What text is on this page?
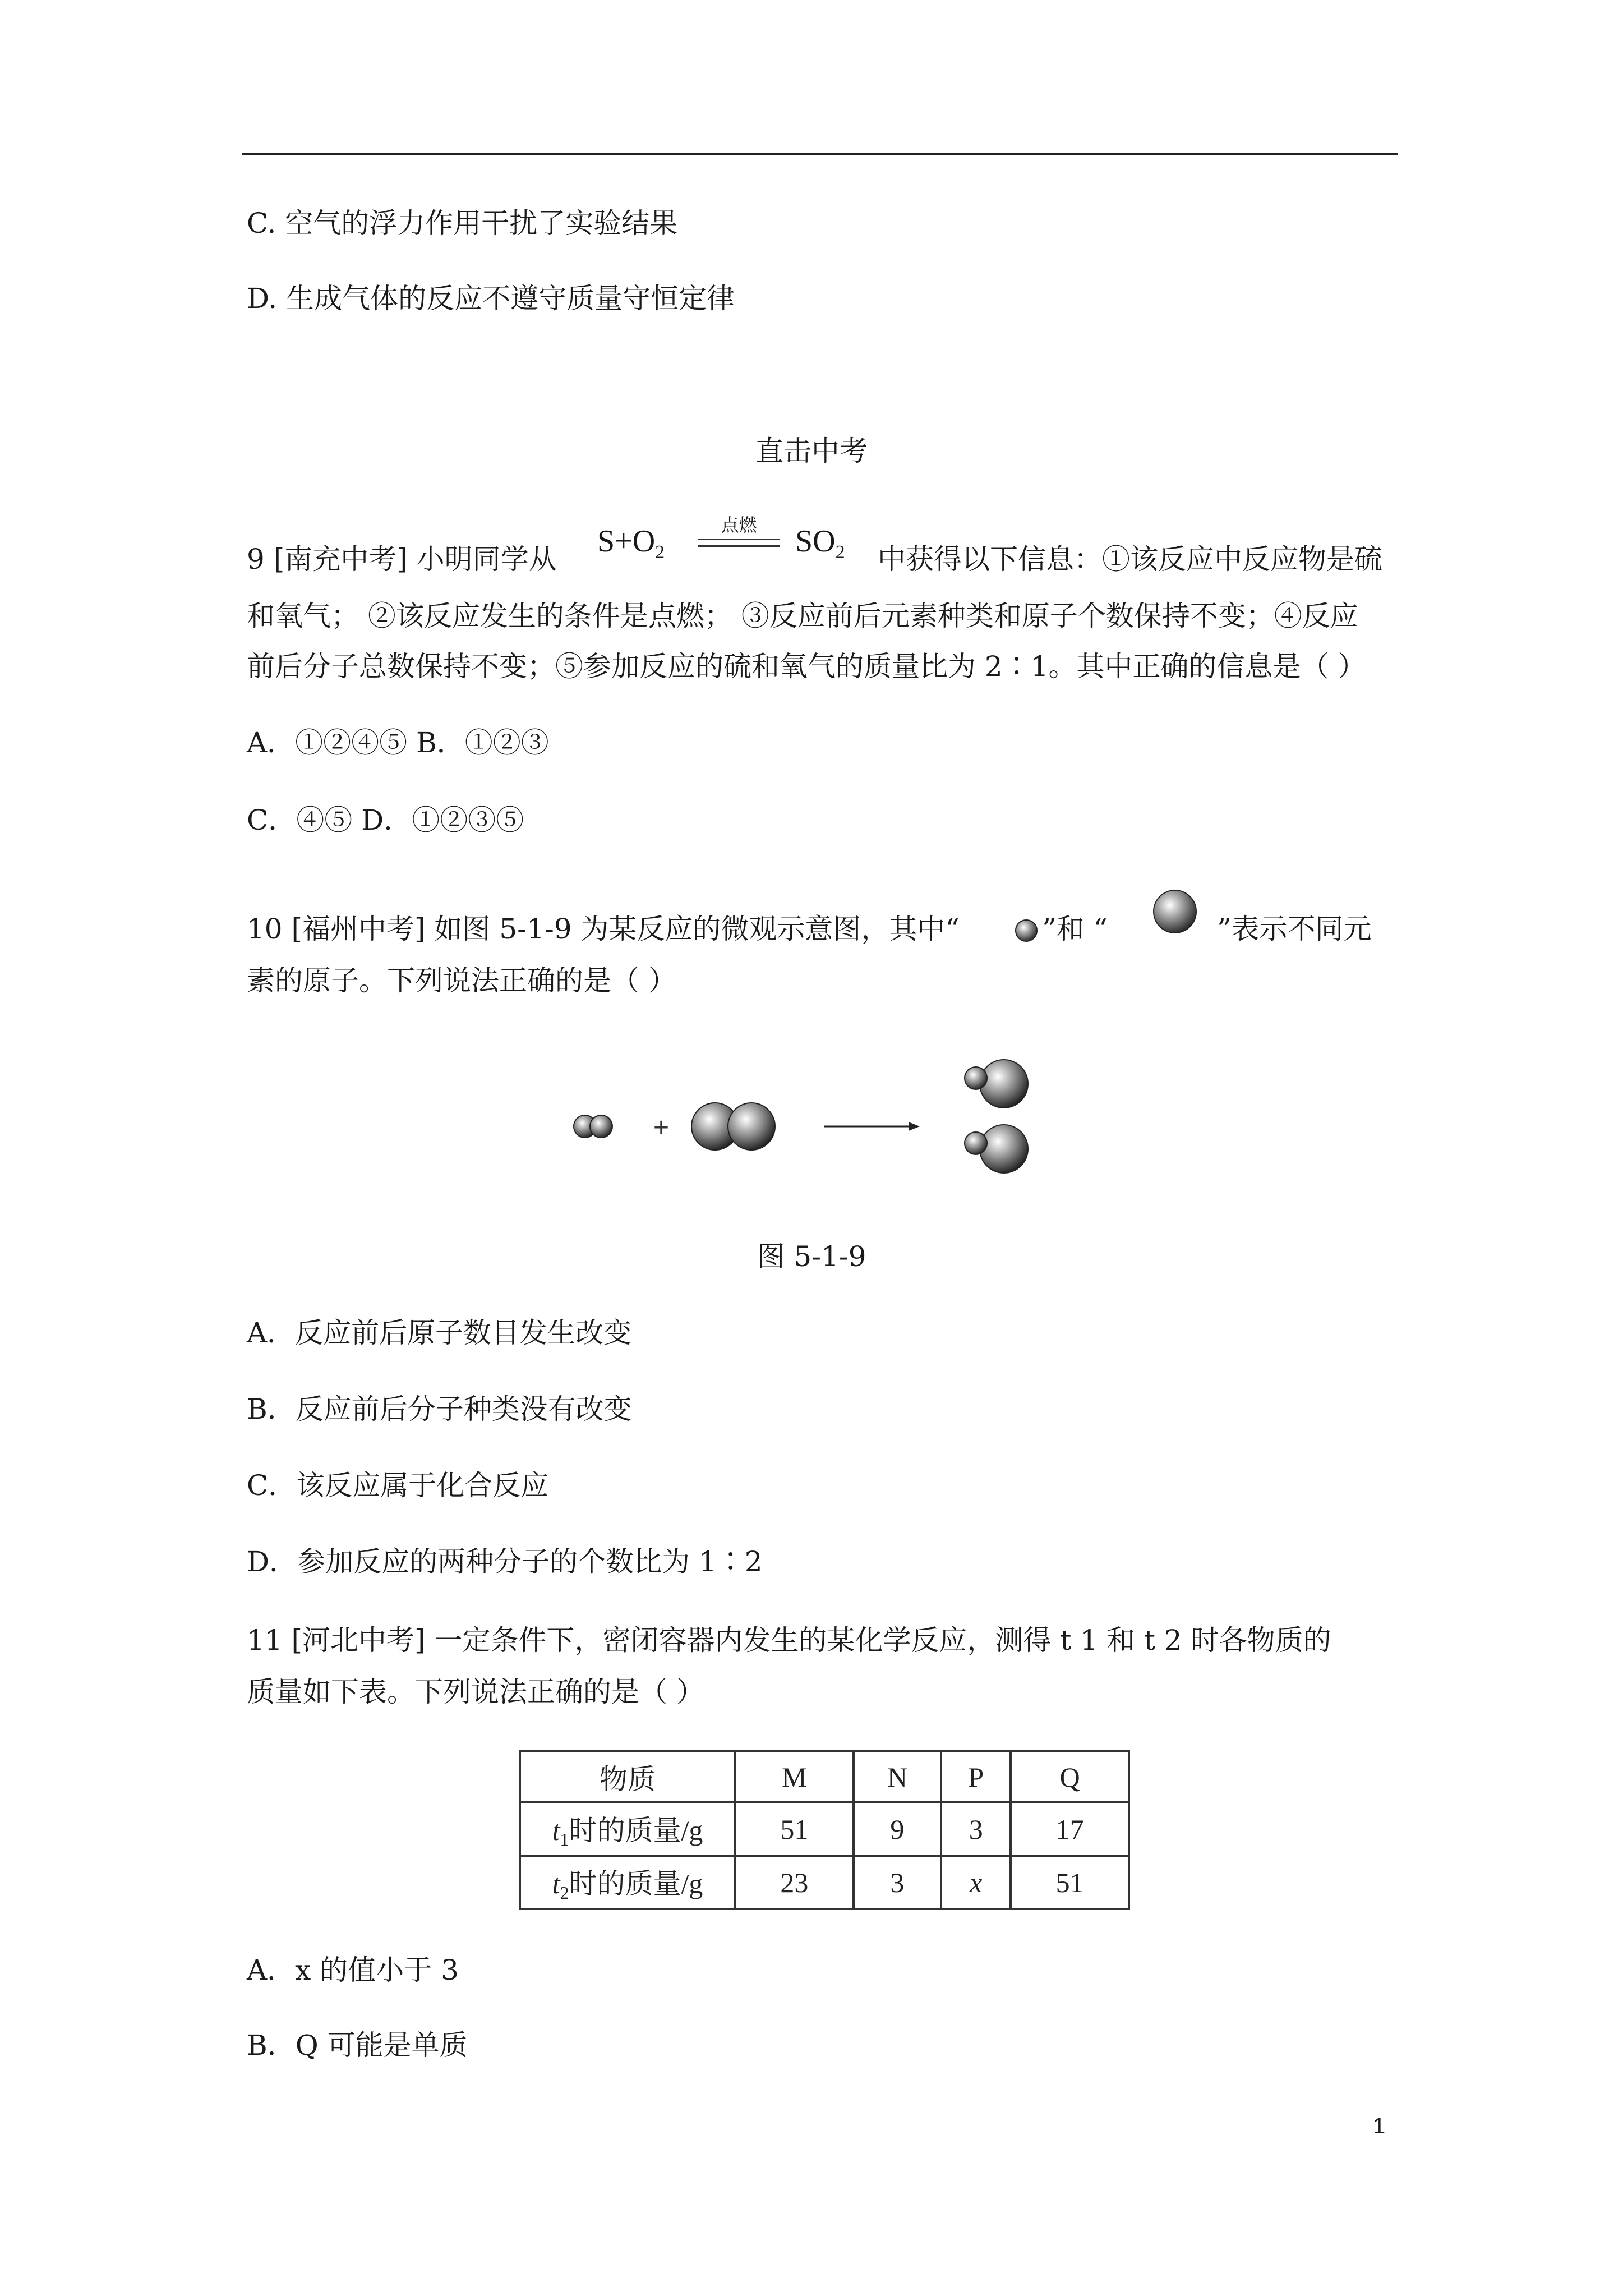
C. 空气的浮力作用干扰了实验结果
D. 生成气体的反应不遵守质量守恒定律
直击中考
9 [南充中考] 小明同学从
$S+O_2$
点燃	$SO_2$ 中获得以下信息：①该反应中反应物是硫
和氧气； ②该反应发生的条件是点燃； ③反应前后元素种类和原子个数保持不变；④反应
前后分子总数保持不变；⑤参加反应的硫和氧气的质量比为 2∶1。其中正确的信息是（ ）
A．①②④⑤ B．①②③
C．④⑤ D．①②③⑤
10 [福州中考] 如图 5-1-9 为某反应的微观示意图，其中“	”和 “	”表示不同元
素的原子。下列说法正确的是（ ）
+
图 5-1-9
A．反应前后原子数目发生改变
B．反应前后分子种类没有改变
C．该反应属于化合反应
D．参加反应的两种分子的个数比为 1∶2
11 [河北中考] 一定条件下，密闭容器内发生的某化学反应，测得 t 1 和 t 2 时各物质的
质量如下表。下列说法正确的是（ ）
物质	M	N	P	Q
$t_1$时的质量/g	51	9	3	17
$t_2$时的质量/g	23	3	x	51
A．x 的值小于 3
B．Q 可能是单质
1
